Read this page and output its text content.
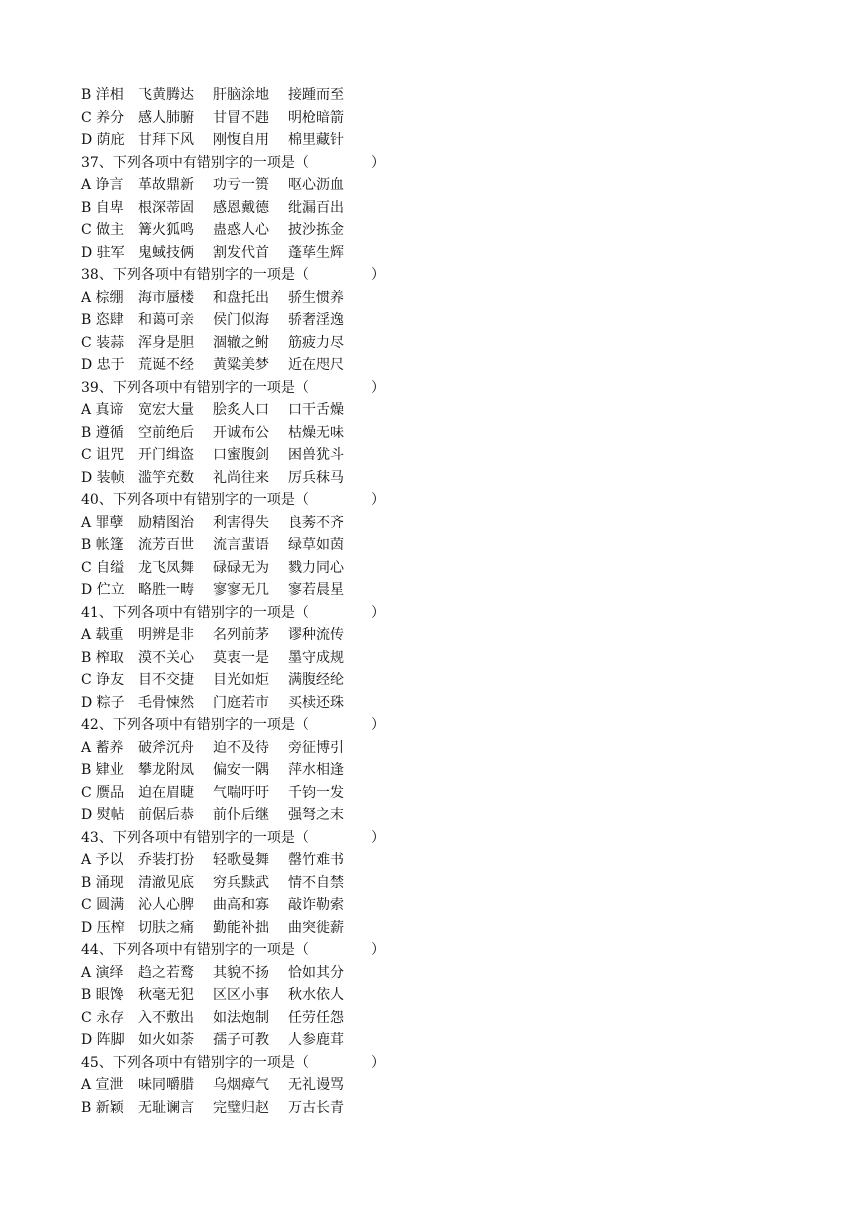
B 洋相 飞黄腾达 肝脑涂地 接踵而至
C 养分 感人肺腑 甘冒不韪 明枪暗箭
D 荫庇 甘拜下风 刚愎自用 棉里藏针
37、下列各项中有错别字的一项是（	）
A 诤言 革故鼎新 功亏一篑 呕心沥血
B 自卑 根深蒂固 感恩戴德 纰漏百出
C 做主 篝火狐鸣 蛊惑人心 披沙拣金
D 驻军 鬼蜮技俩 割发代首 蓬荜生辉
38、下列各项中有错别字的一项是（	）
A 棕绷 海市蜃楼 和盘托出 骄生惯养
B 恣肆 和蔼可亲 侯门似海 骄奢淫逸
C 装蒜 浑身是胆 涸辙之鲋 筋疲力尽
D 忠于 荒诞不经 黄粱美梦 近在咫尺
39、下列各项中有错别字的一项是（	）
A 真谛 宽宏大量 脍炙人口 口干舌燥
B 遵循 空前绝后 开诚布公 枯燥无味
C 诅咒 开门缉盗 口蜜腹剑 困兽犹斗
D 装帧 滥竽充数 礼尚往来 厉兵秣马
40、下列各项中有错别字的一项是（	）
A 罪孽 励精图治 利害得失 良莠不齐
B 帐篷 流芳百世 流言蜚语 绿草如茵
C 自缢 龙飞凤舞 碌碌无为 戮力同心
D 伫立 略胜一畴 寥寥无几 寥若晨星
41、下列各项中有错别字的一项是（	）
A 载重 明辨是非 名列前茅 谬种流传
B 榨取 漠不关心 莫衷一是 墨守成规
C 诤友 目不交捷 目光如炬 满腹经纶
D 粽子 毛骨悚然 门庭若市 买椟还珠
42、下列各项中有错别字的一项是（	）
A 蓄养 破斧沉舟 迫不及待 旁征博引
B 肄业 攀龙附凤 偏安一隅 萍水相逢
C 赝品 迫在眉睫 气喘吁吁 千钧一发
D 熨帖 前倨后恭 前仆后继 强弩之末
43、下列各项中有错别字的一项是（	）
A 予以 乔装打扮 轻歌曼舞 罄竹难书
B 涌现 清澈见底 穷兵黩武 情不自禁
C 圆满 沁人心脾 曲高和寡 敲诈勒索
D 压榨 切肤之痛 勤能补拙 曲突徙薪
44、下列各项中有错别字的一项是（	）
A 演绎 趋之若鹜 其貌不扬 恰如其分
B 眼馋 秋毫无犯 区区小事 秋水依人
C 永存 入不敷出 如法炮制 任劳任怨
D 阵脚 如火如荼 孺子可教 人参鹿茸
45、下列各项中有错别字的一项是（	）
A 宣泄 味同嚼腊 乌烟瘴气 无礼谩骂
B 新颖 无耻谰言 完璧归赵 万古长青
